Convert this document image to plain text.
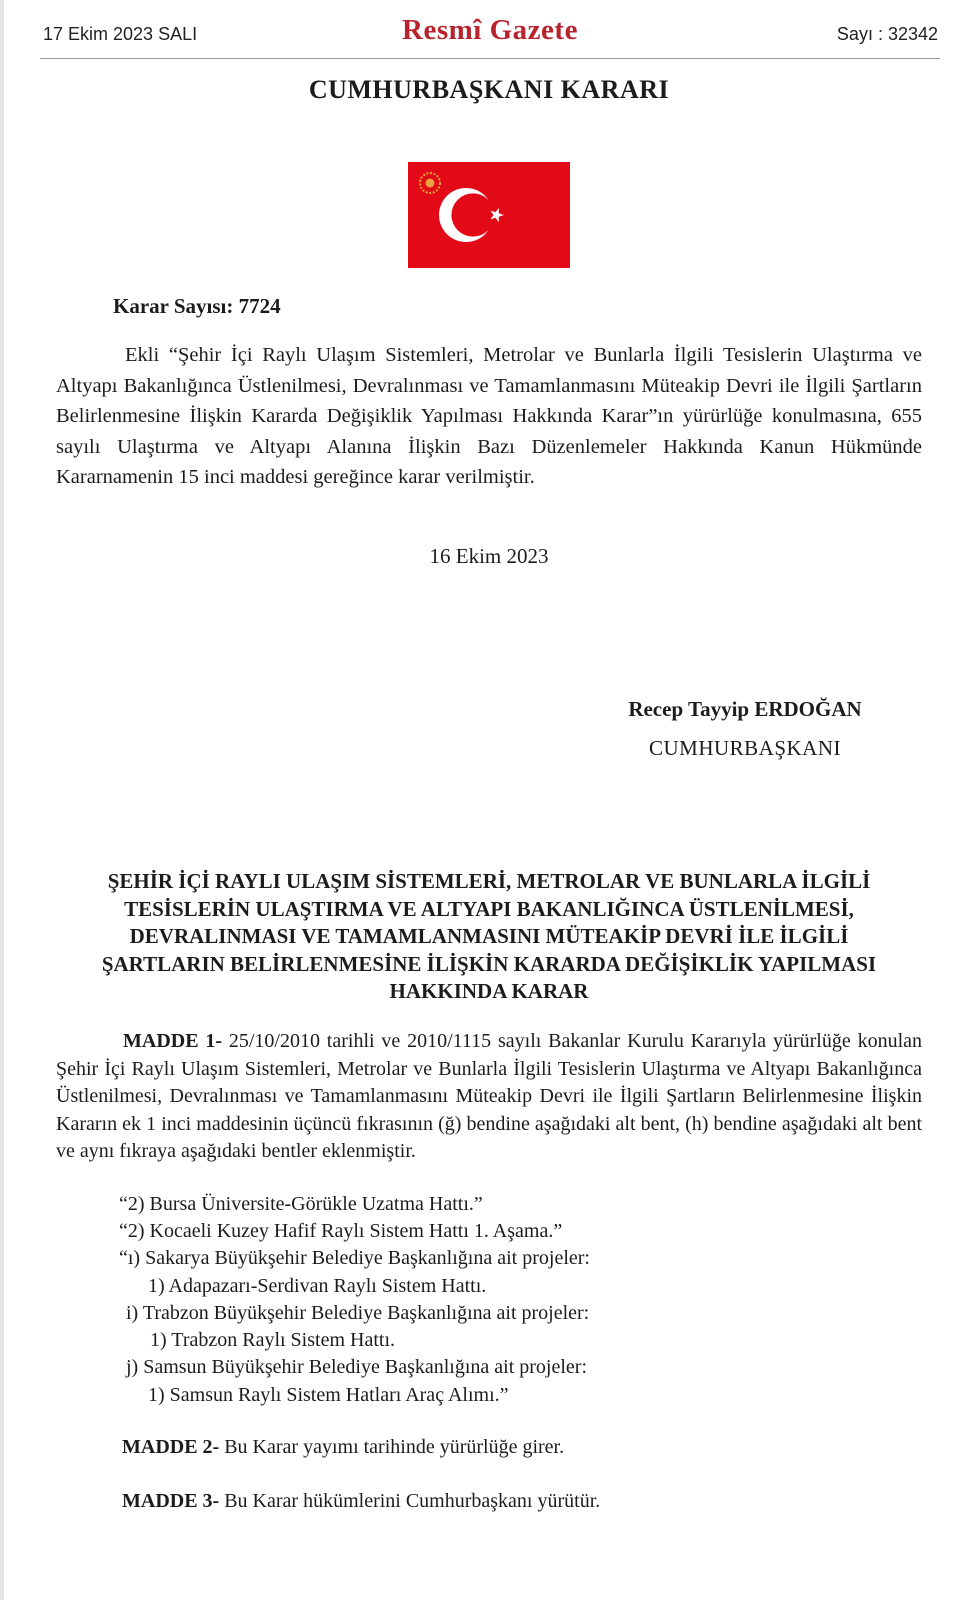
17 Ekim 2023 SALI	Resmî Gazete	Sayı : 32342
CUMHURBAŞKANI KARARI
Karar Sayısı: 7724

Ekli “Şehir İçi Raylı Ulaşım Sistemleri, Metrolar ve Bunlarla İlgili Tesislerin Ulaştırma ve Altyapı Bakanlığınca Üstlenilmesi, Devralınması ve Tamamlanmasını Müteakip Devri ile İlgili Şartların Belirlenmesine İlişkin Kararda Değişiklik Yapılması Hakkında Karar”ın yürürlüğe konulmasına, 655 sayılı Ulaştırma ve Altyapı Alanına İlişkin Bazı Düzenlemeler Hakkında Kanun Hükmünde Kararnamenin 15 inci maddesi gereğince karar verilmiştir.

16 Ekim 2023
Recep Tayyip ERDOĞAN
CUMHURBAŞKANI
ŞEHİR İÇİ RAYLI ULAŞIM SİSTEMLERİ, METROLAR VE BUNLARLA İLGİLİ
TESİSLERİN ULAŞTIRMA VE ALTYAPI BAKANLIĞINCA ÜSTLENİLMESİ,
DEVRALINMASI VE TAMAMLANMASINI MÜTEAKİP DEVRİ İLE İLGİLİ
ŞARTLARIN BELİRLENMESİNE İLİŞKİN KARARDA DEĞİŞİKLİK YAPILMASI
HAKKINDA KARAR

MADDE 1- 25/10/2010 tarihli ve 2010/1115 sayılı Bakanlar Kurulu Kararıyla yürürlüğe konulan Şehir İçi Raylı Ulaşım Sistemleri, Metrolar ve Bunlarla İlgili Tesislerin Ulaştırma ve Altyapı Bakanlığınca Üstlenilmesi, Devralınması ve Tamamlanmasını Müteakip Devri ile İlgili Şartların Belirlenmesine İlişkin Kararın ek 1 inci maddesinin üçüncü fıkrasının (ğ) bendine aşağıdaki alt bent, (h) bendine aşağıdaki alt bent ve aynı fıkraya aşağıdaki bentler eklenmiştir.

“2) Bursa Üniversite-Görükle Uzatma Hattı.”
“2) Kocaeli Kuzey Hafif Raylı Sistem Hattı 1. Aşama.”
“ı) Sakarya Büyükşehir Belediye Başkanlığına ait projeler:
1) Adapazarı-Serdivan Raylı Sistem Hattı.
i) Trabzon Büyükşehir Belediye Başkanlığına ait projeler:
1) Trabzon Raylı Sistem Hattı.
j) Samsun Büyükşehir Belediye Başkanlığına ait projeler:
1) Samsun Raylı Sistem Hatları Araç Alımı.”
MADDE 2- Bu Karar yayımı tarihinde yürürlüğe girer.
MADDE 3- Bu Karar hükümlerini Cumhurbaşkanı yürütür.
